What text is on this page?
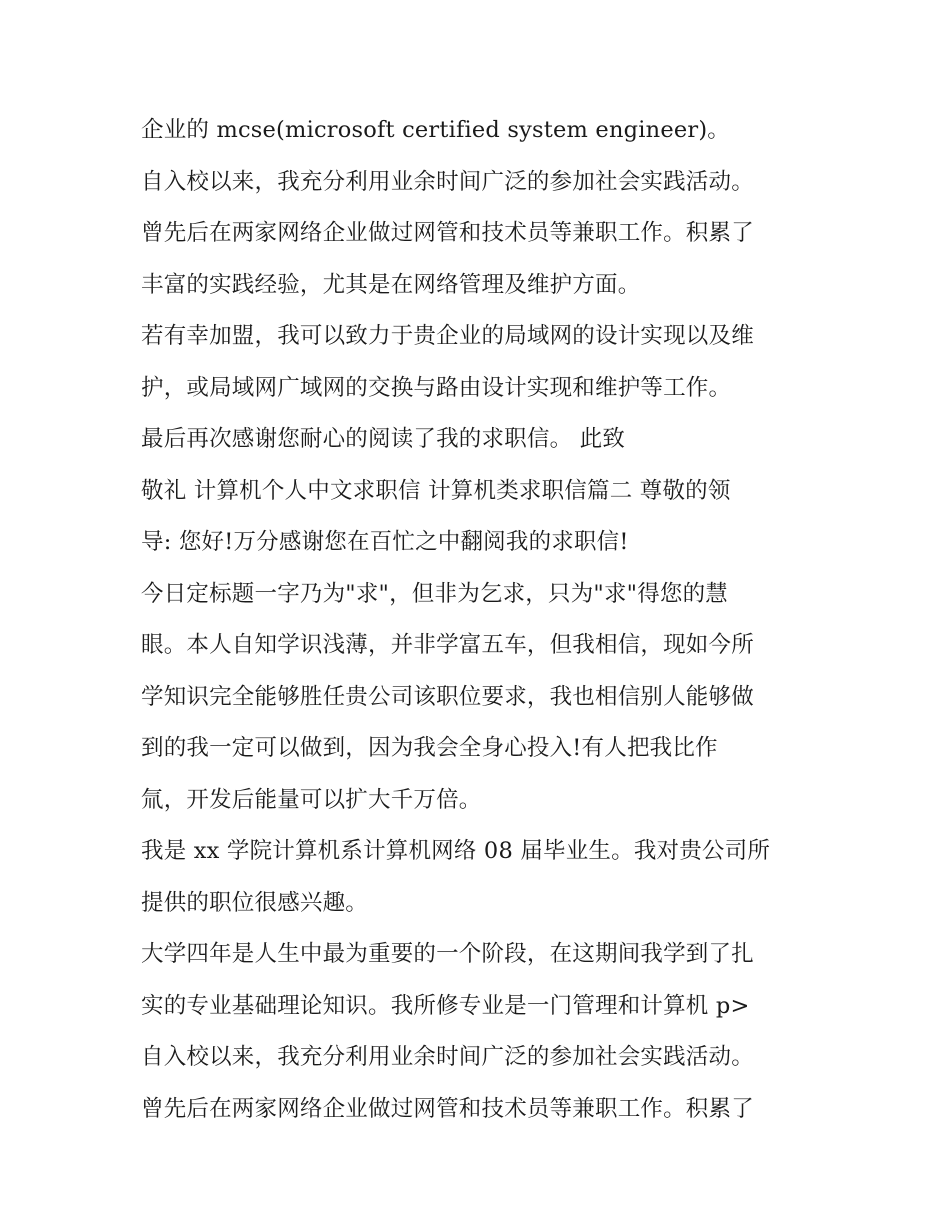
企业的 mcse(microsoft certified system engineer)。
自入校以来，我充分利用业余时间广泛的参加社会实践活动。
曾先后在两家网络企业做过网管和技术员等兼职工作。积累了
丰富的实践经验，尤其是在网络管理及维护方面。
若有幸加盟，我可以致力于贵企业的局域网的设计实现以及维
护，或局域网广域网的交换与路由设计实现和维护等工作。
最后再次感谢您耐心的阅读了我的求职信。 此致
敬礼 计算机个人中文求职信 计算机类求职信篇二 尊敬的领
导: 您好!万分感谢您在百忙之中翻阅我的求职信!
今日定标题一字乃为"求"，但非为乞求，只为"求"得您的慧
眼。本人自知学识浅薄，并非学富五车，但我相信，现如今所
学知识完全能够胜任贵公司该职位要求，我也相信别人能够做
到的我一定可以做到，因为我会全身心投入!有人把我比作
氚，开发后能量可以扩大千万倍。
我是 xx 学院计算机系计算机网络 08 届毕业生。我对贵公司所
提供的职位很感兴趣。
大学四年是人生中最为重要的一个阶段，在这期间我学到了扎
实的专业基础理论知识。我所修专业是一门管理和计算机 p>
自入校以来，我充分利用业余时间广泛的参加社会实践活动。
曾先后在两家网络企业做过网管和技术员等兼职工作。积累了
